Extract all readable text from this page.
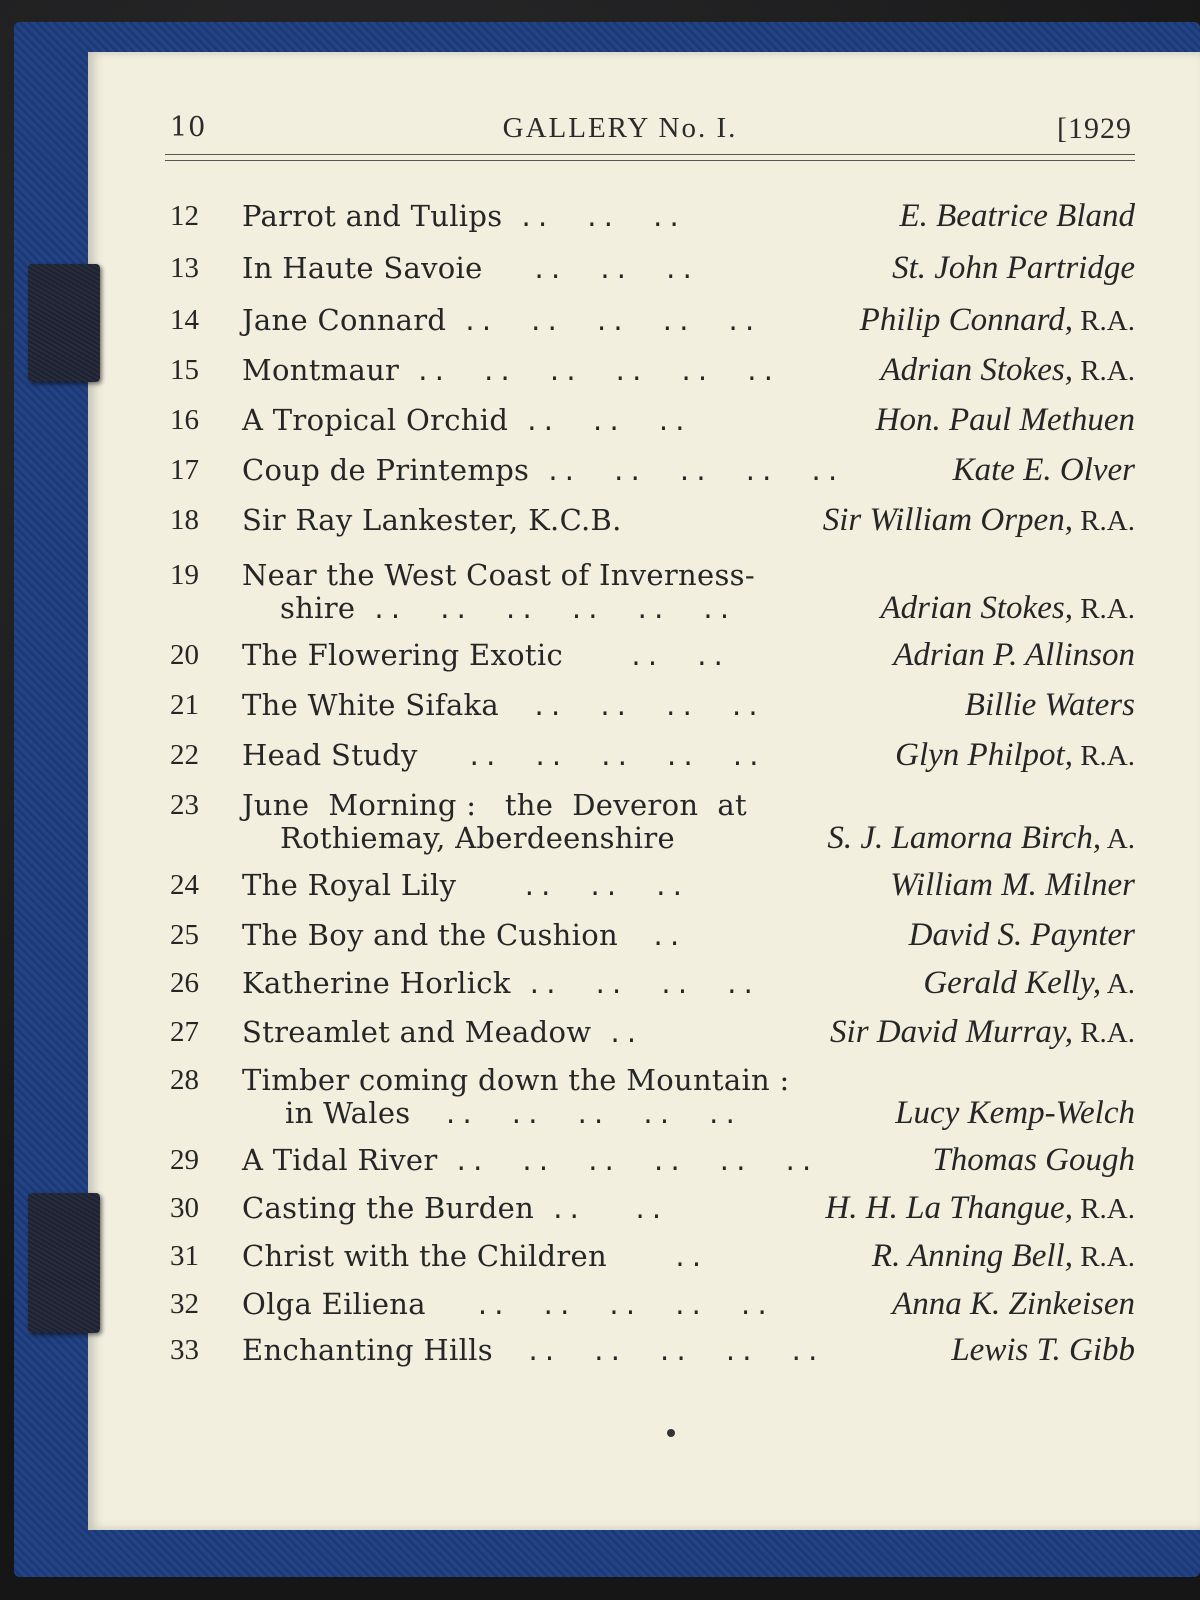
10	GALLERY No. I.	[1929
12	Parrot and Tulips ..  ..  ..	E. Beatrice Bland
13	In Haute Savoie   ..  ..  ..	St. John Partridge
14	Jane Connard ..  ..  ..  ..  ..	Philip Connard, R.A.
15	Montmaur ..  ..  ..  ..  ..  ..	Adrian Stokes, R.A.
16	A Tropical Orchid ..  ..  ..	Hon. Paul Methuen
17	Coup de Printemps ..  ..  ..  ..  ..	Kate E. Olver
18	Sir Ray Lankester, K.C.B.	Sir William Orpen, R.A.
19	Near the West Coast of Inverness-
shire ..  ..  ..  ..  ..  ..	Adrian Stokes, R.A.
20	The Flowering Exotic    ..  ..	Adrian P. Allinson
21	The White Sifaka  ..  ..  ..  ..	Billie Waters
22	Head Study   ..  ..  ..  ..  ..	Glyn Philpot, R.A.
23	June  Morning :   the  Deveron  at
Rothiemay, Aberdeenshire	S. J. Lamorna Birch, A.
24	The Royal Lily    ..  ..  ..	William M. Milner
25	The Boy and the Cushion  ..	David S. Paynter
26	Katherine Horlick ..  ..  ..  ..	Gerald Kelly, A.
27	Streamlet and Meadow ..	Sir David Murray, R.A.
28	Timber coming down the Mountain :
in Wales  ..  ..  ..  ..  ..	Lucy Kemp-Welch
29	A Tidal River ..  ..  ..  ..  ..  ..	Thomas Gough
30	Casting the Burden ..   ..	H. H. La Thangue, R.A.
31	Christ with the Children    ..	R. Anning Bell, R.A.
32	Olga Eiliena   ..  ..  ..  ..  ..	Anna K. Zinkeisen
33	Enchanting Hills  ..  ..  ..  ..  ..	Lewis T. Gibb
